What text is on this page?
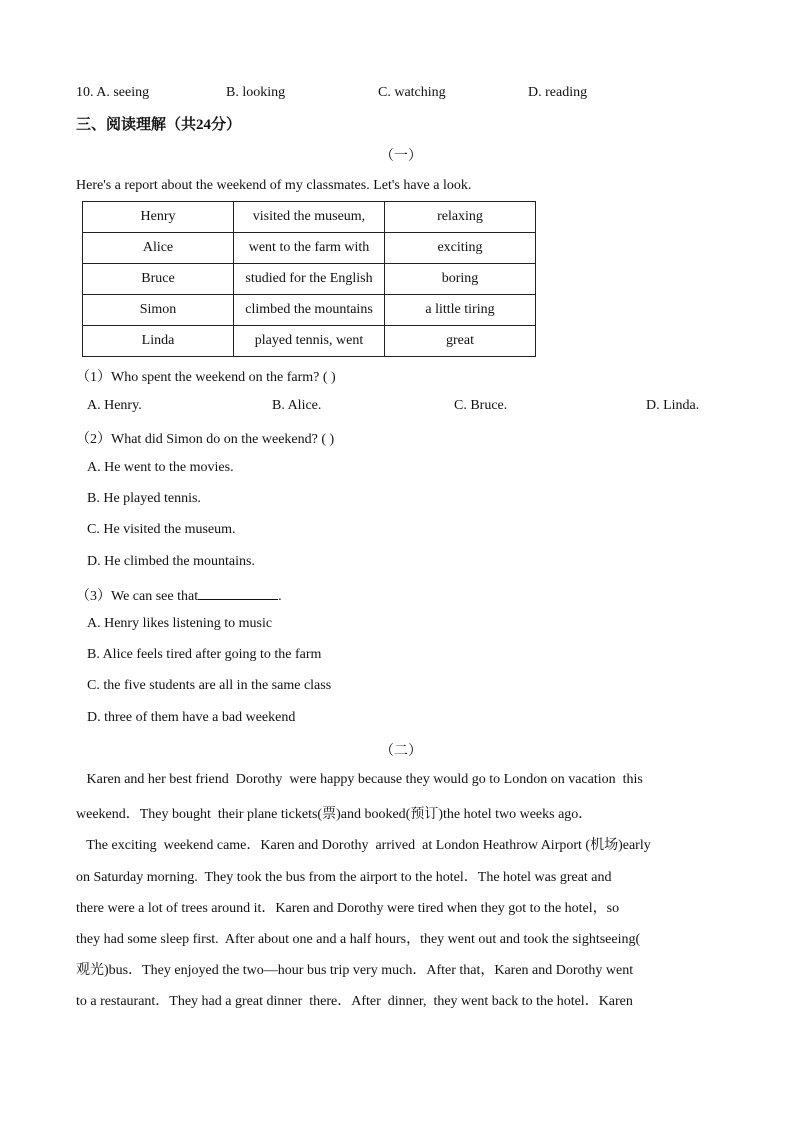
10. A. seeing	B. looking	C. watching	D. reading
三、阅读理解（共24分）
（一）
Here's a report about the weekend of my classmates. Let's have a look.
Henry	visited the museum,	relaxing
Alice	went to the farm with	exciting
Bruce	studied for the English	boring
Simon	climbed the mountains	a little tiring
Linda	played tennis, went	great
（1）Who spent the weekend on the farm? ( )
A. Henry.	B. Alice.	C. Bruce.	D. Linda.
（2）What did Simon do on the weekend? ( )
A. He went to the movies.
B. He played tennis.
C. He visited the museum.
D. He climbed the mountains.
（3）We can see that	.
A. Henry likes listening to music
B. Alice feels tired after going to the farm
C. the five students are all in the same class
D. three of them have a bad weekend
（二）
Karen and her best friend  Dorothy  were happy because they would go to London on vacation  this
weekend．They bought  their plane tickets(票)and booked(预订)the hotel two weeks ago．
The exciting  weekend came．Karen and Dorothy  arrived  at London Heathrow Airport (机场)early
on Saturday morning.  They took the bus from the airport to the hotel．The hotel was great and
there were a lot of trees around it．Karen and Dorothy were tired when they got to the hotel，so
they had some sleep first.  After about one and a half hours，they went out and took the sightseeing(
观光)bus．They enjoyed the two—hour bus trip very much．After that，Karen and Dorothy went
to a restaurant．They had a great dinner  there．After  dinner,  they went back to the hotel．Karen
